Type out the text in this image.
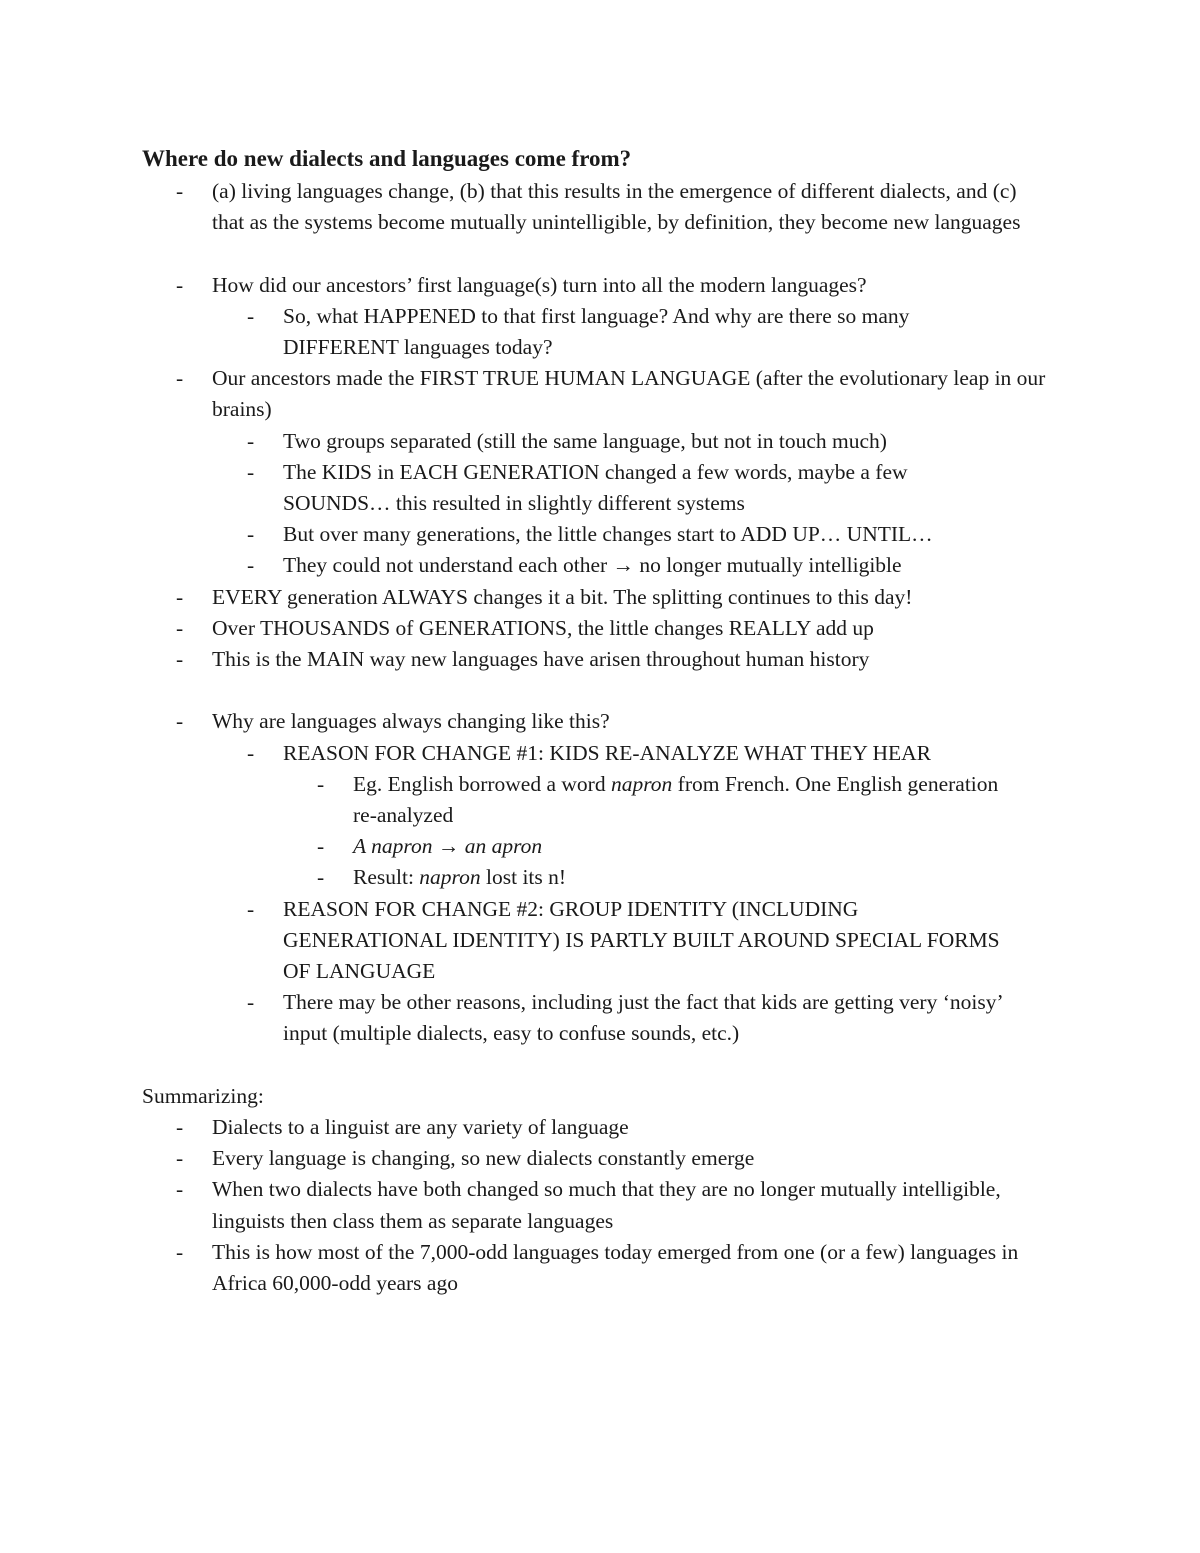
Where do new dialects and languages come from?
- (a) living languages change, (b) that this results in the emergence of different dialects, and (c) that as the systems become mutually unintelligible, by definition, they become new languages
- How did our ancestors’ first language(s) turn into all the modern languages?
- So, what HAPPENED to that first language? And why are there so many DIFFERENT languages today?
- Our ancestors made the FIRST TRUE HUMAN LANGUAGE (after the evolutionary leap in our brains)
- Two groups separated (still the same language, but not in touch much)
- The KIDS in EACH GENERATION changed a few words, maybe a few SOUNDS… this resulted in slightly different systems
- But over many generations, the little changes start to ADD UP… UNTIL…
- They could not understand each other → no longer mutually intelligible
- EVERY generation ALWAYS changes it a bit. The splitting continues to this day!
- Over THOUSANDS of GENERATIONS, the little changes REALLY add up
- This is the MAIN way new languages have arisen throughout human history
- Why are languages always changing like this?
- REASON FOR CHANGE #1: KIDS RE-ANALYZE WHAT THEY HEAR
- Eg. English borrowed a word napron from French. One English generation re-analyzed
- A napron → an apron
- Result: napron lost its n!
- REASON FOR CHANGE #2: GROUP IDENTITY (INCLUDING GENERATIONAL IDENTITY) IS PARTLY BUILT AROUND SPECIAL FORMS OF LANGUAGE
- There may be other reasons, including just the fact that kids are getting very ‘noisy’ input (multiple dialects, easy to confuse sounds, etc.)
Summarizing:
- Dialects to a linguist are any variety of language
- Every language is changing, so new dialects constantly emerge
- When two dialects have both changed so much that they are no longer mutually intelligible, linguists then class them as separate languages
- This is how most of the 7,000-odd languages today emerged from one (or a few) languages in Africa 60,000-odd years ago
